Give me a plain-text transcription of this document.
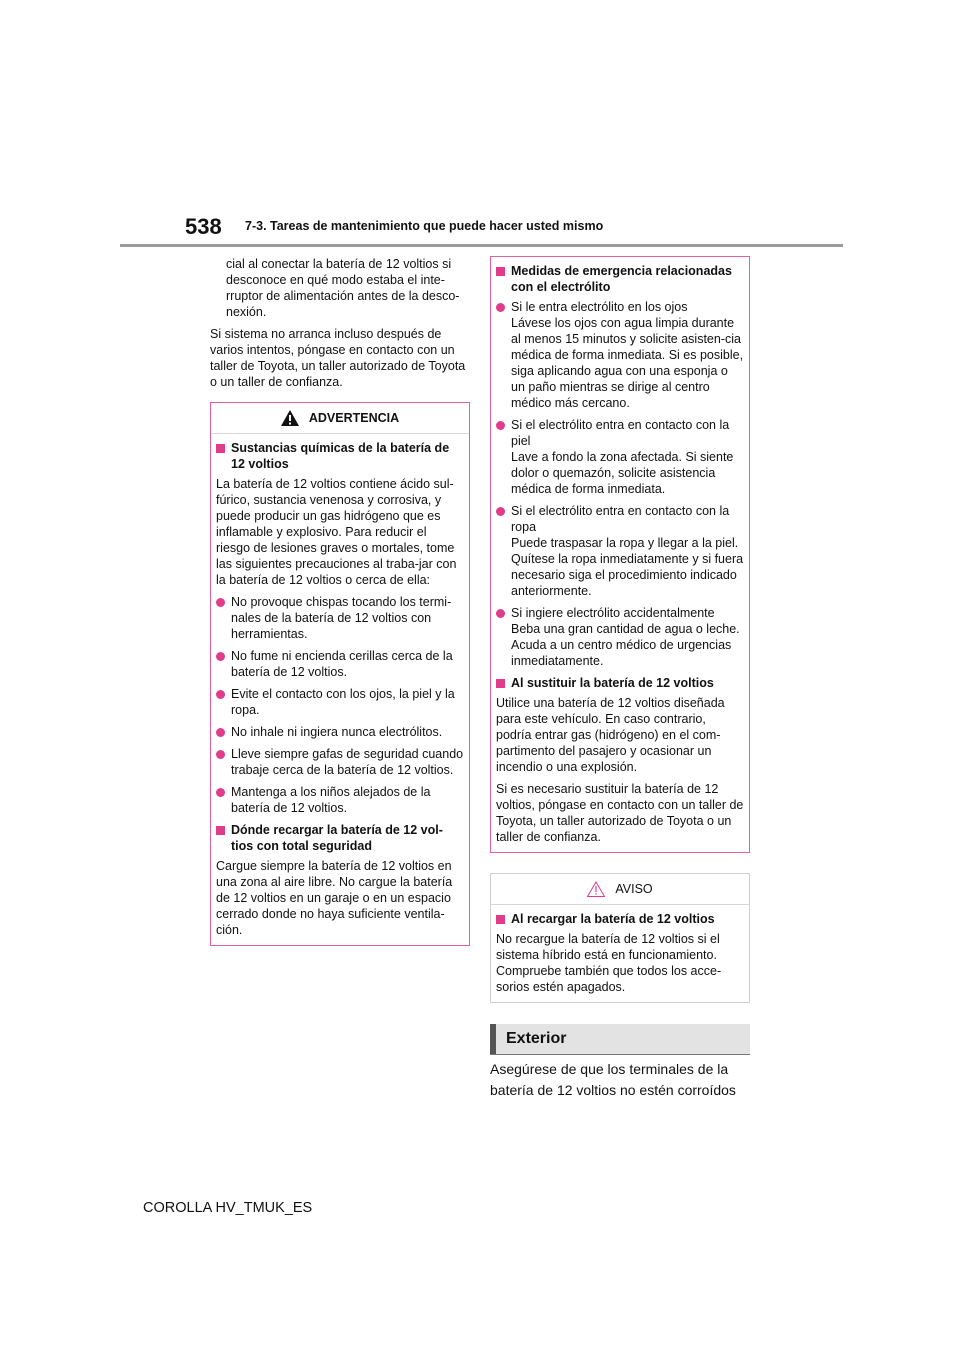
538 7-3. Tareas de mantenimiento que puede hacer usted mismo

cial al conectar la batería de 12 voltios si desconoce en qué modo estaba el inte-rruptor de alimentación antes de la desco-nexión.

Si sistema no arranca incluso después de varios intentos, póngase en contacto con un taller de Toyota, un taller autorizado de Toyota o un taller de confianza.

ADVERTENCIA
Sustancias químicas de la batería de 12 voltios

La batería de 12 voltios contiene ácido sul-fúrico, sustancia venenosa y corrosiva, y puede producir un gas hidrógeno que es inflamable y explosivo. Para reducir el riesgo de lesiones graves o mortales, tome las siguientes precauciones al traba-jar con la batería de 12 voltios o cerca de ella:

No provoque chispas tocando los termi-nales de la batería de 12 voltios con herramientas.
No fume ni encienda cerillas cerca de la batería de 12 voltios.
Evite el contacto con los ojos, la piel y la ropa.
No inhale ni ingiera nunca electrólitos.
Lleve siempre gafas de seguridad cuando trabaje cerca de la batería de 12 voltios.
Mantenga a los niños alejados de la batería de 12 voltios.
Dónde recargar la batería de 12 vol-tios con total seguridad

Cargue siempre la batería de 12 voltios en una zona al aire libre. No cargue la batería de 12 voltios en un garaje o en un espacio cerrado donde no haya suficiente ventila-ción.

Medidas de emergencia relacionadas con el electrólito
Si le entra electrólito en los ojos
Lávese los ojos con agua limpia durante al menos 15 minutos y solicite asisten-cia médica de forma inmediata. Si es posible, siga aplicando agua con una esponja o un paño mientras se dirige al centro médico más cercano.
Si el electrólito entra en contacto con la piel
Lave a fondo la zona afectada. Si siente dolor o quemazón, solicite asistencia médica de forma inmediata.
Si el electrólito entra en contacto con la ropa
Puede traspasar la ropa y llegar a la piel. Quítese la ropa inmediatamente y si fuera necesario siga el procedimiento indicado anteriormente.
Si ingiere electrólito accidentalmente
Beba una gran cantidad de agua o leche. Acuda a un centro médico de urgencias inmediatamente.
Al sustituir la batería de 12 voltios

Utilice una batería de 12 voltios diseñada para este vehículo. En caso contrario, podría entrar gas (hidrógeno) en el com-partimento del pasajero y ocasionar un incendio o una explosión.

Si es necesario sustituir la batería de 12 voltios, póngase en contacto con un taller de Toyota, un taller autorizado de Toyota o un taller de confianza.

AVISO
Al recargar la batería de 12 voltios

No recargue la batería de 12 voltios si el sistema híbrido está en funcionamiento. Compruebe también que todos los acce-sorios estén apagados.

Exterior
Asegúrese de que los terminales de la batería de 12 voltios no estén corroídos
COROLLA HV_TMUK_ES
